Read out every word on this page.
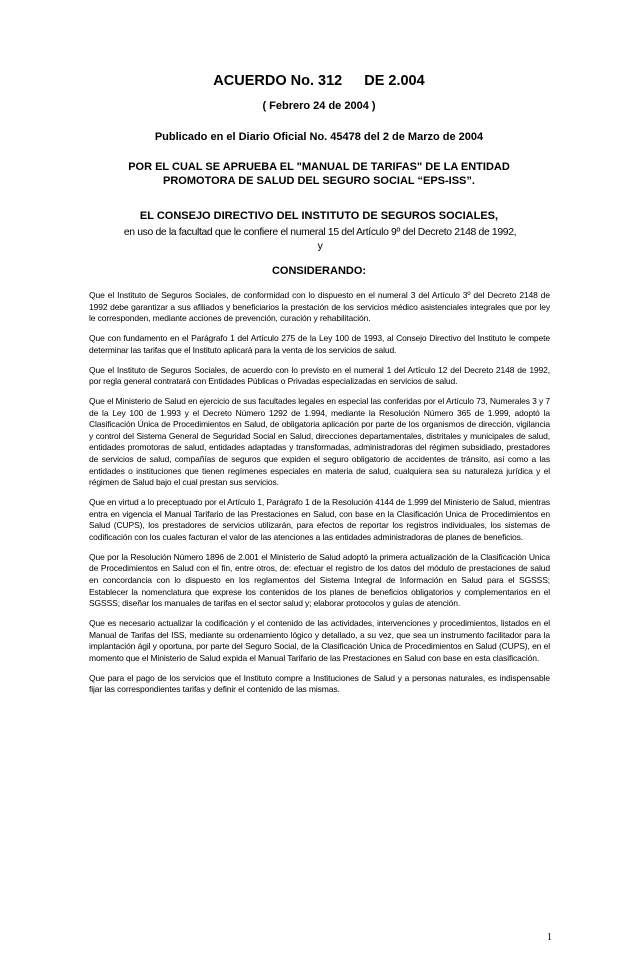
ACUERDO No. 312 DE 2.004
( Febrero 24 de 2004 )
Publicado en el Diario Oficial No. 45478 del 2 de Marzo de 2004
POR EL CUAL SE APRUEBA EL "MANUAL DE TARIFAS" DE LA ENTIDAD
PROMOTORA DE SALUD DEL SEGURO SOCIAL “EPS-ISS”.
EL CONSEJO DIRECTIVO DEL INSTITUTO DE SEGUROS SOCIALES,
en uso de la facultad que le confiere el numeral 15 del Artículo 9º del Decreto 2148 de 1992,
y
CONSIDERANDO:

Que el Instituto de Seguros Sociales, de conformidad con lo dispuesto en el numeral 3 del Artículo 3º del Decreto 2148 de 1992 debe garantizar a sus afiliados y beneficiarios la prestación de los servicios médico asistenciales integrales que por ley le corresponden, mediante acciones de prevención, curación y rehabilitación.

Que con fundamento en el Parágrafo 1 del Artículo 275 de la Ley 100 de 1993, al Consejo Directivo del Instituto le compete determinar las tarifas que el Instituto aplicará para la venta de los servicios de salud.

Que el Instituto de Seguros Sociales, de acuerdo con lo previsto en el numeral 1 del Artículo 12 del Decreto 2148 de 1992, por regla general contratará con Entidades Públicas o Privadas especializadas en servicios de salud.

Que el Ministerio de Salud en ejercicio de sus facultades legales en especial las conferidas por el Artículo 73, Numerales 3 y 7 de la Ley 100 de 1.993 y el Decreto Número 1292 de 1.994, mediante la Resolución Número 365 de 1.999, adoptó la Clasificación Única de Procedimientos en Salud, de obligatoria aplicación por parte de los organismos de dirección, vigilancia y control del Sistema General de Seguridad Social en Salud, direcciones departamentales, distritales y municipales de salud, entidades promotoras de salud, entidades adaptadas y transformadas, administradoras del régimen subsidiado, prestadores de servicios de salud, compañías de seguros que expiden el seguro obligatorio de accidentes de tránsito, así como a las entidades o instituciones que tienen regímenes especiales en materia de salud, cualquiera sea su naturaleza jurídica y el régimen de Salud bajo el cual prestan sus servicios.

Que en virtud a lo preceptuado por el Artículo 1, Parágrafo 1 de la Resolución 4144 de 1.999 del Ministerio de Salud, mientras entra en vigencia el Manual Tarifario de las Prestaciones en Salud, con base en la Clasificación Unica de Procedimientos en Salud (CUPS), los prestadores de servicios utilizarán, para efectos de reportar los registros individuales, los sistemas de codificación con los cuales facturan el valor de las atenciones a las entidades administradoras de planes de beneficios.

Que por la Resolución Número 1896 de 2.001 el Ministerio de Salud adoptó la primera actualización de la Clasificación Unica de Procedimientos en Salud con el fin, entre otros, de: efectuar el registro de los datos del módulo de prestaciones de salud en concordancia con lo dispuesto en los reglamentos del Sistema Integral de Información en Salud para el SGSSS; Establecer la nomenclatura que exprese los contenidos de los planes de beneficios obligatorios y complementarios en el SGSSS; diseñar los manuales de tarifas en el sector salud y; elaborar protocolos y guías de atención.

Que es necesario actualizar la codificación y el contenido de las actividades, intervenciones y procedimientos, listados en el Manual de Tarifas del ISS, mediante su ordenamiento lógico y detallado, a su vez, que sea un instrumento facilitador para la implantación ágil y oportuna, por parte del Seguro Social, de la Clasificación Unica de Procedimientos en Salud (CUPS), en el momento que el Ministerio de Salud expida el Manual Tarifario de las Prestaciones en Salud con base en esta clasificación.

Que para el pago de los servicios que el Instituto compre a Instituciones de Salud y a personas naturales, es indispensable fijar las correspondientes tarifas y definir el contenido de las mismas.

1
